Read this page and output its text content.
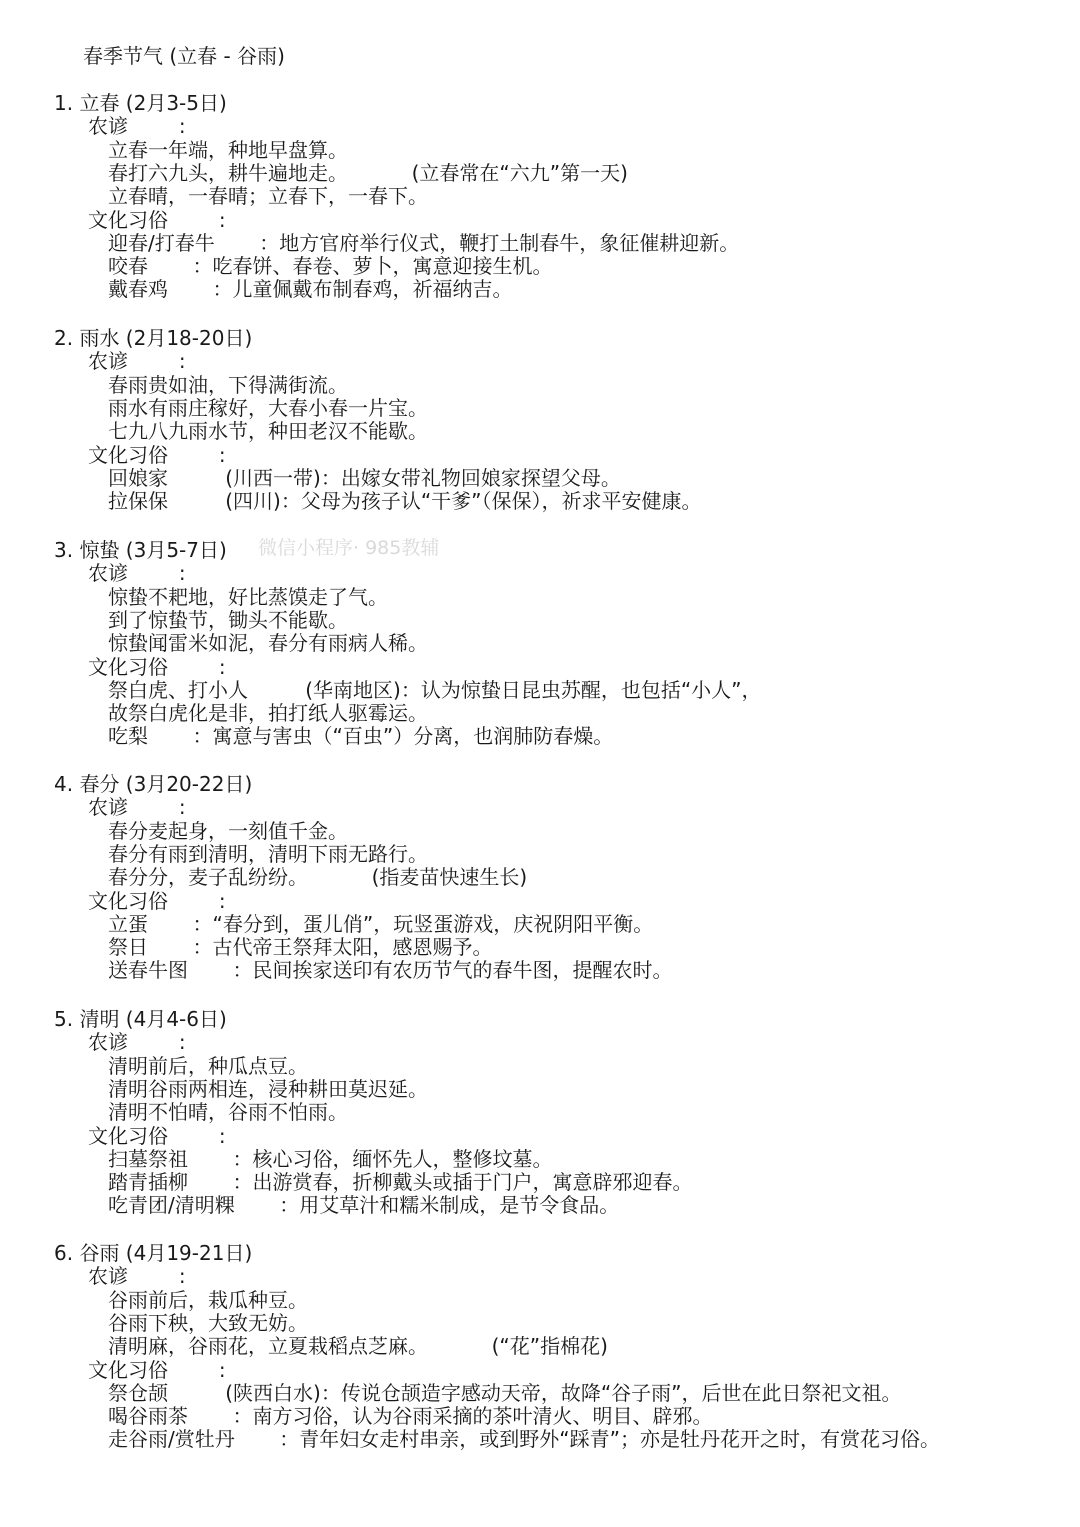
春季节气 (立春 - 谷雨)
微信小程序· 985教辅
1. 立春 (2月3-5日)
农谚        :
立春一年端，种地早盘算。
春打六九头，耕牛遍地走。          (立春常在“六九”第一天)
立春晴，一春晴；立春下，一春下。
文化习俗        :
迎春/打春牛       ：地方官府举行仪式，鞭打土制春牛，象征催耕迎新。
咬春       ：吃春饼、春卷、萝卜，寓意迎接生机。
戴春鸡       ：儿童佩戴布制春鸡，祈福纳吉。
2. 雨水 (2月18-20日)
农谚        :
春雨贵如油，下得满街流。
雨水有雨庄稼好，大春小春一片宝。
七九八九雨水节，种田老汉不能歇。
文化习俗        :
回娘家         (川西一带)：出嫁女带礼物回娘家探望父母。
拉保保         (四川)：父母为孩子认“干爹”（保保），祈求平安健康。
3. 惊蛰 (3月5-7日)
农谚        :
惊蛰不耙地，好比蒸馍走了气。
到了惊蛰节，锄头不能歇。
惊蛰闻雷米如泥，春分有雨病人稀。
文化习俗        :
祭白虎、打小人         (华南地区)：认为惊蛰日昆虫苏醒，也包括“小人”，
故祭白虎化是非，拍打纸人驱霉运。
吃梨       ：寓意与害虫（“百虫”）分离，也润肺防春燥。
4. 春分 (3月20-22日)
农谚        :
春分麦起身，一刻值千金。
春分有雨到清明，清明下雨无路行。
春分分，麦子乱纷纷。          (指麦苗快速生长)
文化习俗        :
立蛋       ：“春分到，蛋儿俏”，玩竖蛋游戏，庆祝阴阳平衡。
祭日       ：古代帝王祭拜太阳，感恩赐予。
送春牛图       ：民间挨家送印有农历节气的春牛图，提醒农时。
5. 清明 (4月4-6日)
农谚        :
清明前后，种瓜点豆。
清明谷雨两相连，浸种耕田莫迟延。
清明不怕晴，谷雨不怕雨。
文化习俗        :
扫墓祭祖       ：核心习俗，缅怀先人，整修坟墓。
踏青插柳       ：出游赏春，折柳戴头或插于门户，寓意辟邪迎春。
吃青团/清明粿       ：用艾草汁和糯米制成，是节令食品。
6. 谷雨 (4月19-21日)
农谚        :
谷雨前后，栽瓜种豆。
谷雨下秧，大致无妨。
清明麻，谷雨花，立夏栽稻点芝麻。          (“花”指棉花)
文化习俗        :
祭仓颉         (陕西白水)：传说仓颉造字感动天帝，故降“谷子雨”，后世在此日祭祀文祖。
喝谷雨茶       ：南方习俗，认为谷雨采摘的茶叶清火、明目、辟邪。
走谷雨/赏牡丹       ：青年妇女走村串亲，或到野外“踩青”；亦是牡丹花开之时，有赏花习俗。
